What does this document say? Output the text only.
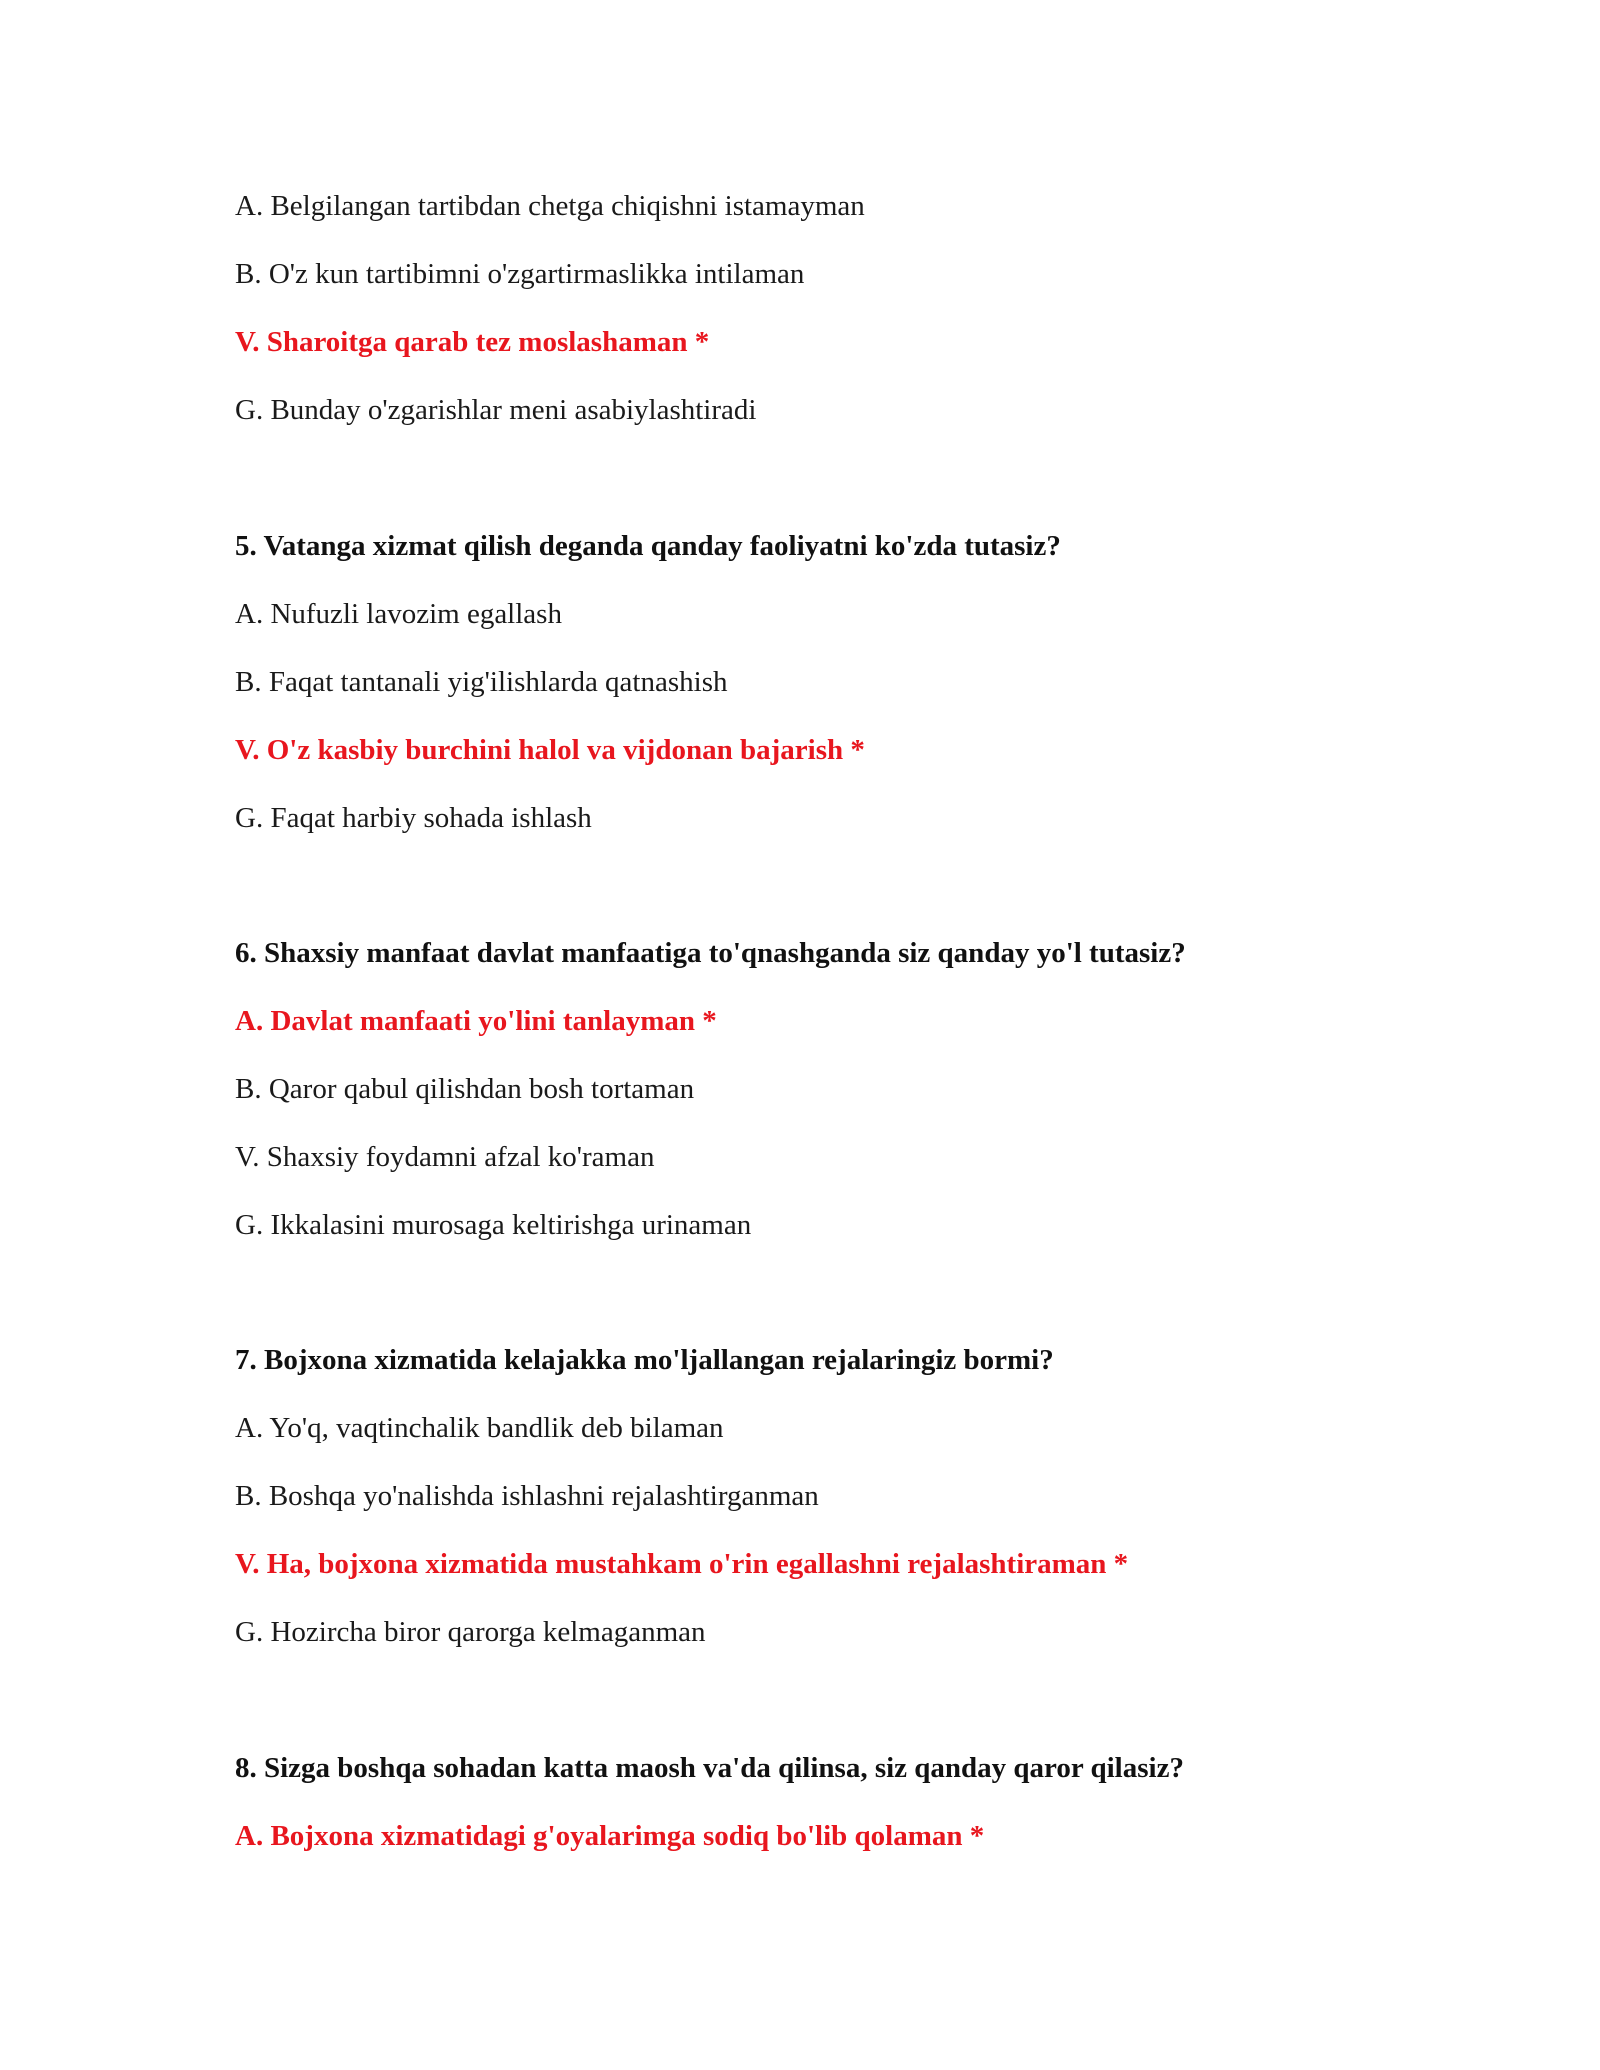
A. Belgilangan tartibdan chetga chiqishni istamayman
B. O'z kun tartibimni o'zgartirmaslikka intilaman
V. Sharoitga qarab tez moslashaman *
G. Bunday o'zgarishlar meni asabiylashtiradi
5. Vatanga xizmat qilish deganda qanday faoliyatni ko'zda tutasiz?
A. Nufuzli lavozim egallash
B. Faqat tantanali yig'ilishlarda qatnashish
V. O'z kasbiy burchini halol va vijdonan bajarish *
G. Faqat harbiy sohada ishlash
6. Shaxsiy manfaat davlat manfaatiga to'qnashganda siz qanday yo'l tutasiz?
A. Davlat manfaati yo'lini tanlayman *
B. Qaror qabul qilishdan bosh tortaman
V. Shaxsiy foydamni afzal ko'raman
G. Ikkalasini murosaga keltirishga urinaman
7. Bojxona xizmatida kelajakka mo'ljallangan rejalaringiz bormi?
A. Yo'q, vaqtinchalik bandlik deb bilaman
B. Boshqa yo'nalishda ishlashni rejalashtirganman
V. Ha, bojxona xizmatida mustahkam o'rin egallashni rejalashtiraman *
G. Hozircha biror qarorga kelmaganman
8. Sizga boshqa sohadan katta maosh va'da qilinsa, siz qanday qaror qilasiz?
A. Bojxona xizmatidagi g'oyalarimga sodiq bo'lib qolaman *
